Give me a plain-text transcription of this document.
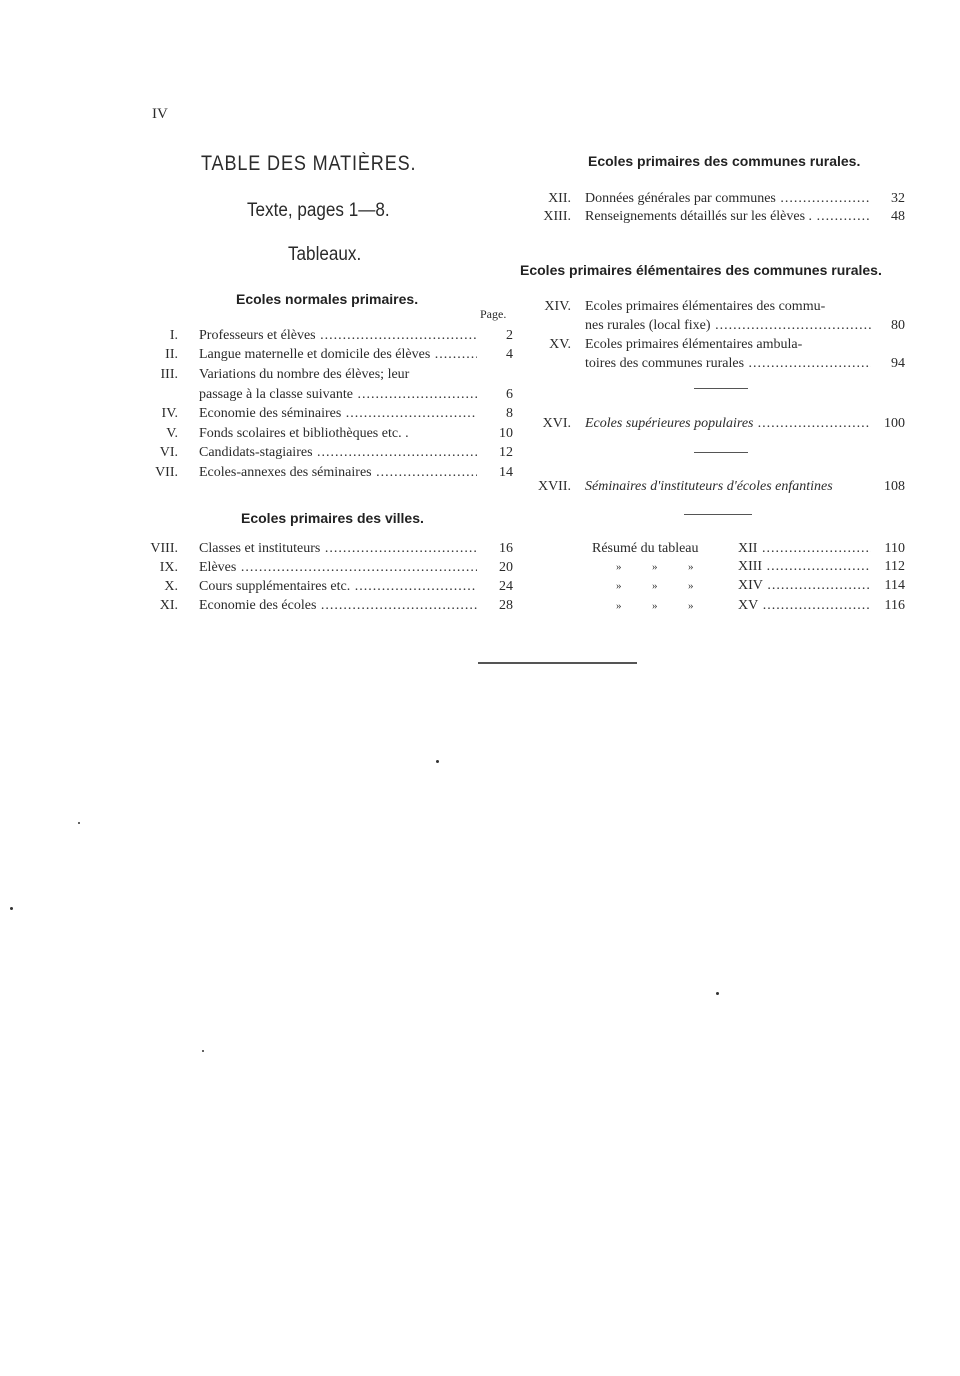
IV
TABLE DES MATIÈRES.
Texte, pages 1—8.
Tableaux.
Ecoles normales primaires.
Page.
I. Professeurs et élèves .....	2
II. Langue maternelle et domicile des élèves .....	4
III. Variations du nombre des élèves; leur
passage à la classe suivante .....	6
IV. Economie des séminaires .....	8
V. Fonds scolaires et bibliothèques etc. .	10
VI. Candidats-stagiaires .....	12
VII. Ecoles-annexes des séminaires .....	14
Ecoles primaires des villes.
VIII. Classes et instituteurs .....	16
IX. Elèves .....	20
X. Cours supplémentaires etc. .....	24
XI. Economie des écoles .....	28
Ecoles primaires des communes rurales.
XII. Données générales par communes .....	32
XIII. Renseignements détaillés sur les élèves . .....	48
Ecoles primaires élémentaires des communes rurales.
XIV. Ecoles primaires élémentaires des commu-
nes rurales (local fixe) .....	80
XV. Ecoles primaires élémentaires ambula-
toires des communes rurales .....	94
XVI. Ecoles supérieures populaires .....	100
XVII. Séminaires d'instituteurs d'écoles enfantines	108
Résumé du tableau	XII .....	110
»      »      »	XIII .....	112
»      »      »	XIV .....	114
»      »      »	XV .....	116
